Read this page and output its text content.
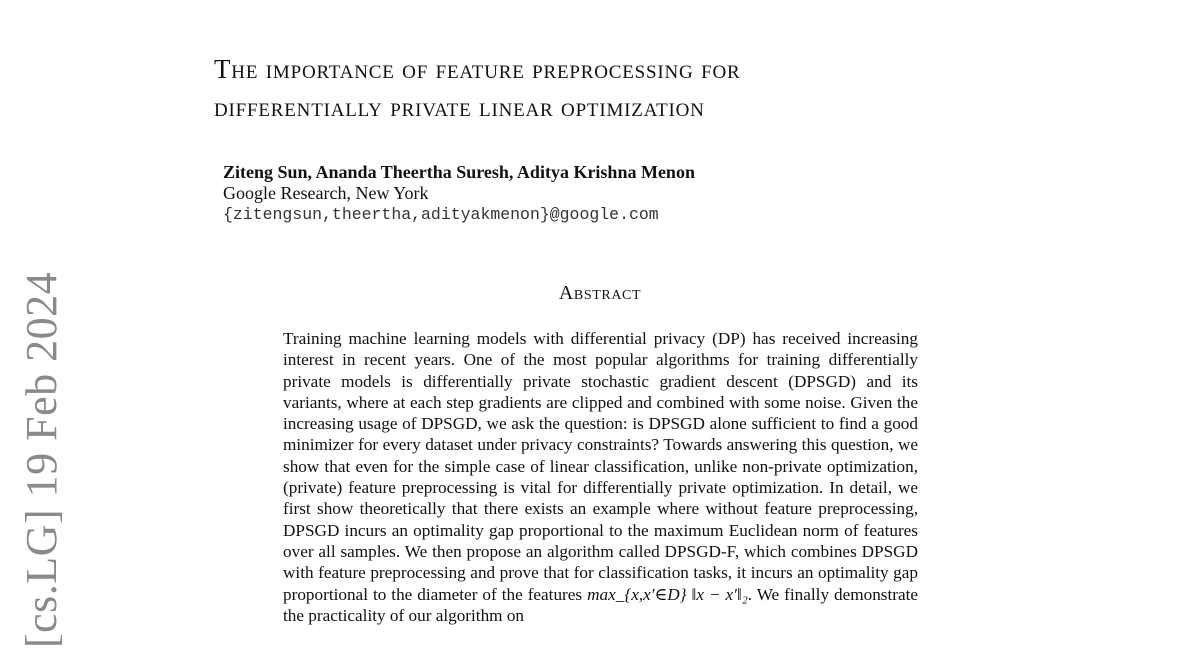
[cs.LG] 19 Feb 2024
The importance of feature preprocessing for
differentially private linear optimization

Ziteng Sun, Ananda Theertha Suresh, Aditya Krishna Menon

Google Research, New York

{zitengsun,theertha,adityakmenon}@google.com

Abstract

Training machine learning models with differential privacy (DP) has received increasing interest in recent years. One of the most popular algorithms for training differentially private models is differentially private stochastic gradient descent (DPSGD) and its variants, where at each step gradients are clipped and combined with some noise. Given the increasing usage of DPSGD, we ask the question: is DPSGD alone sufficient to find a good minimizer for every dataset under privacy constraints? Towards answering this question, we show that even for the simple case of linear classification, unlike non-private optimization, (private) feature preprocessing is vital for differentially private optimization. In detail, we first show theoretically that there exists an example where without feature preprocessing, DPSGD incurs an optimality gap proportional to the maximum Euclidean norm of features over all samples. We then propose an algorithm called DPSGD-F, which combines DPSGD with feature preprocessing and prove that for classification tasks, it incurs an optimality gap proportional to the diameter of the features max_{x,x′∈D} ‖x − x′‖₂. We finally demonstrate the practicality of our algorithm on
